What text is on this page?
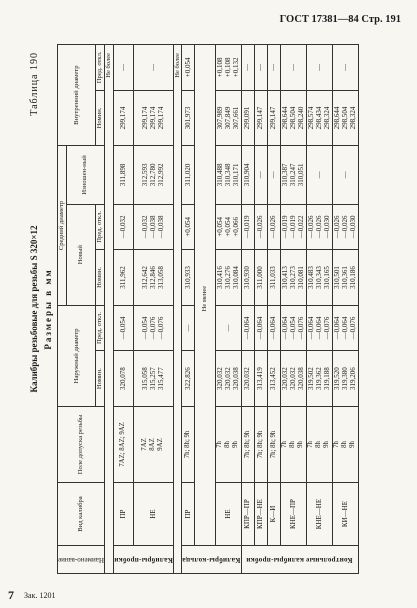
ГОСТ 17381—84 Стр. 191
Калибры резьбовые для резьбы S 320×12
Таблица 190
Размеры в мм
Наимено-вание	Вид калибра	Поле допуска резьбы	Наружный диаметр		Средний диаметр			Внутренний диаметр	
					Новый		Изношен-ный		
			Номин.	Пред. откл.	Номин.	Пред. откл.		Номин.	Пред. откл.
Не более									

Калибры-пробки	ПР	7AZ; 8AZ; 9AZ	320,078	—0,054	311,962	—0,032	311,898	299,174	—
	НЕ	7AZ
8AZ
9AZ	315,058
315,257
315,477	—0,054
—0,076
—0,076	312,642
312,846
313,058	—0,032
—0,038
—0,038	312,593
312,780
312,992	299,174
299,174
299,174	—
Не более									

Калибры-кольца	ПР	7h; 8h; 9h	322,826	—	310,933	+0,054	311,020	301,973	+0,054
	Не менее								
	НЕ	7h
8h
9h	320,032
320,032
320,038	—	310,416
310,276
310,084	+0,054
+0,054
+0,066	310,488
310,348
310,171	307,989
307,849
307,661	+0,108
+0,108
+0,132

Контрольные калибры-пробки	КПР—ПР	7h; 8h; 9h	320,032	—0,064	310,930	—0,019	310,904	299,091	—
	КПР—НЕ	7h; 8h; 9h	313,419	—0,064	311,000	—0,026	—	299,147	—
	К—И	7h; 8h; 9h	313,452	—0,064	311,033	—0,026	—	299,147	—
	КНЕ—ПР	7h
8h
9h	320,032
320,032
320,038	—0,064
—0,054
—0,076	310,413
310,273
310,081	—0,019
—0,019
—0,022	310,387
310,247
310,051	298,644
298,504
298,240	—
	КНЕ—НЕ	7h
8h
9h	319,502
319,362
319,188	—0,064
—0,064
—0,076	310,483
310,343
310,165	—0,026
—0,026
—0,030	—	298,574
298,434
298,324	—
	КИ—НЕ	7h
8h
9h	319,520
319,380
319,206	—0,064
—0,064
—0,076	310,501
310,361
310,186	—0,026
—0,026
—0,030	—	298,644
298,504
298,324	—
7 Зак. 1201
